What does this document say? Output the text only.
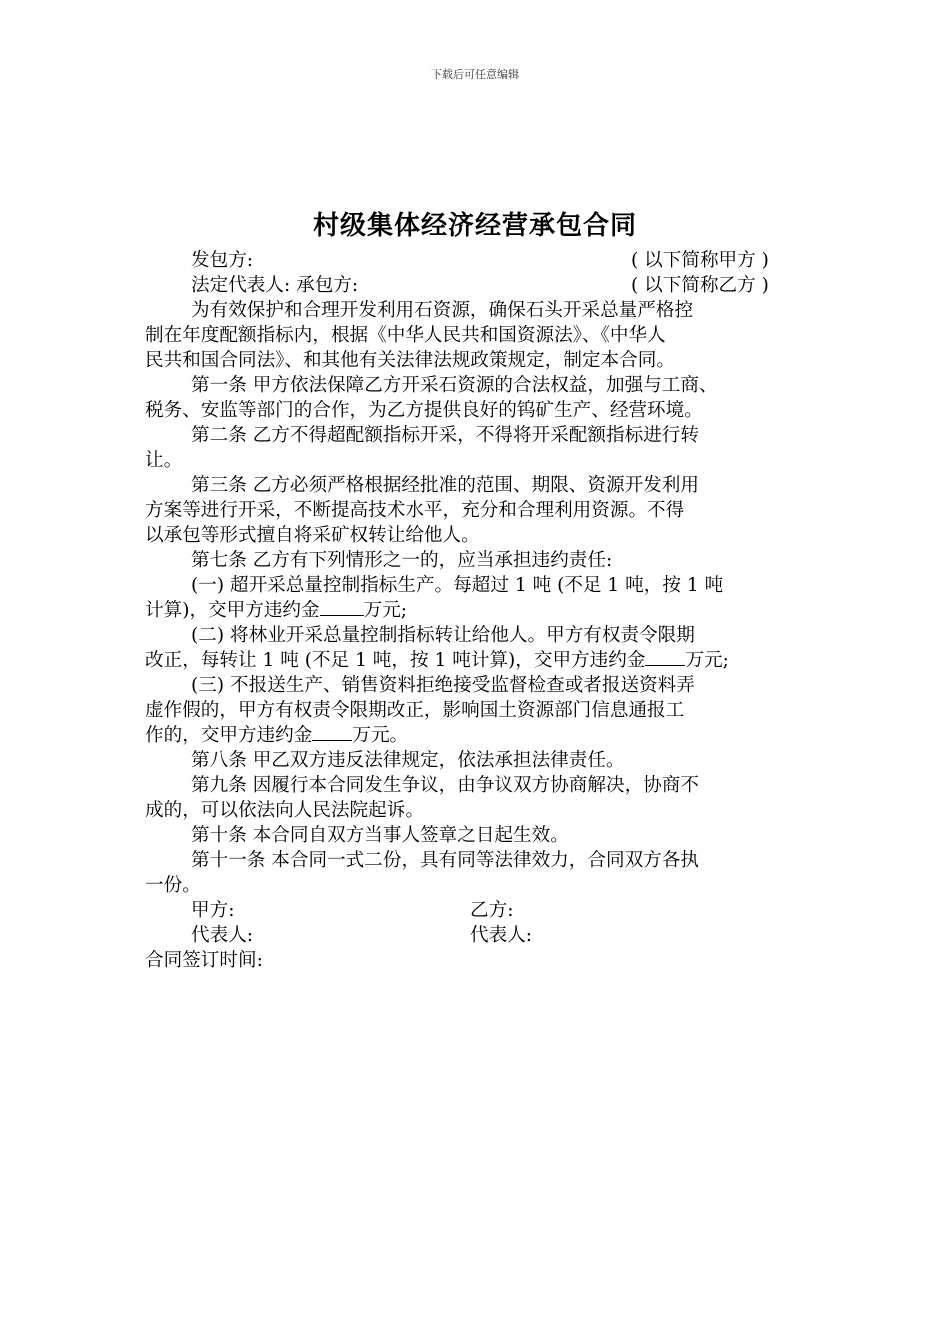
下载后可任意编辑
村级集体经济经营承包合同
发包方:	( 以下简称甲方 )
法定代表人: 承包方:	( 以下简称乙方 )
为有效保护和合理开发利用石资源，确保石头开采总量严格控
制在年度配额指标内，根据《中华人民共和国资源法》、《中华人
民共和国合同法》、和其他有关法律法规政策规定，制定本合同。
第一条 甲方依法保障乙方开采石资源的合法权益，加强与工商、
税务、安监等部门的合作，为乙方提供良好的钨矿生产、经营环境。
第二条 乙方不得超配额指标开采，不得将开采配额指标进行转
让。
第三条 乙方必须严格根据经批准的范围、期限、资源开发利用
方案等进行开采，不断提高技术水平，充分和合理利用资源。不得
以承包等形式擅自将采矿权转让给他人。
第七条 乙方有下列情形之一的，应当承担违约责任:
(一) 超开采总量控制指标生产。每超过 1 吨 (不足 1 吨，按 1 吨
计算)，交甲方违约金 万元;
(二) 将林业开采总量控制指标转让给他人。甲方有权责令限期
改正，每转让 1 吨 (不足 1 吨，按 1 吨计算)，交甲方违约金 万元;
(三) 不报送生产、销售资料拒绝接受监督检查或者报送资料弄
虚作假的，甲方有权责令限期改正，影响国土资源部门信息通报工
作的，交甲方违约金 万元。
第八条 甲乙双方违反法律规定，依法承担法律责任。
第九条 因履行本合同发生争议，由争议双方协商解决，协商不
成的，可以依法向人民法院起诉。
第十条 本合同自双方当事人签章之日起生效。
第十一条 本合同一式二份，具有同等法律效力，合同双方各执
一份。
甲方:	乙方:
代表人:	代表人:
合同签订时间:
